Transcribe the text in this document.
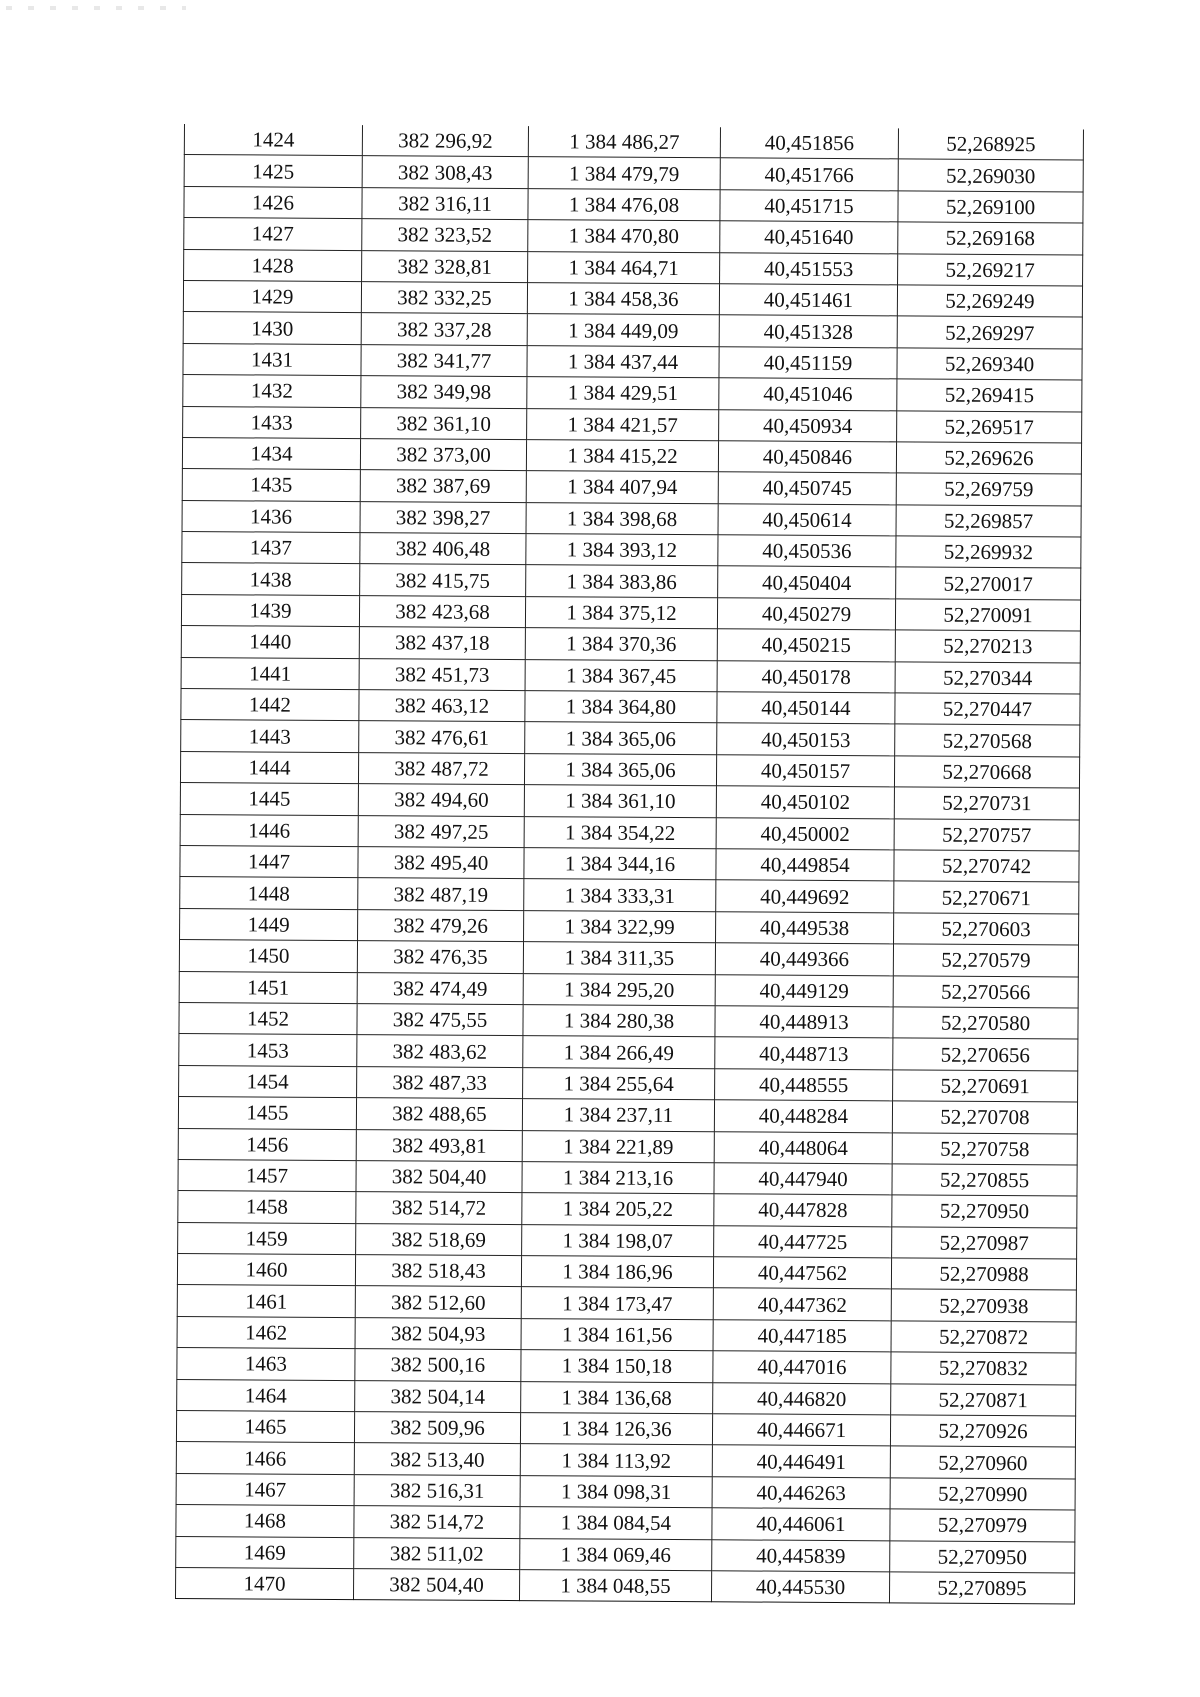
1424	382 296,92	1 384 486,27	40,451856	52,268925
1425	382 308,43	1 384 479,79	40,451766	52,269030
1426	382 316,11	1 384 476,08	40,451715	52,269100
1427	382 323,52	1 384 470,80	40,451640	52,269168
1428	382 328,81	1 384 464,71	40,451553	52,269217
1429	382 332,25	1 384 458,36	40,451461	52,269249
1430	382 337,28	1 384 449,09	40,451328	52,269297
1431	382 341,77	1 384 437,44	40,451159	52,269340
1432	382 349,98	1 384 429,51	40,451046	52,269415
1433	382 361,10	1 384 421,57	40,450934	52,269517
1434	382 373,00	1 384 415,22	40,450846	52,269626
1435	382 387,69	1 384 407,94	40,450745	52,269759
1436	382 398,27	1 384 398,68	40,450614	52,269857
1437	382 406,48	1 384 393,12	40,450536	52,269932
1438	382 415,75	1 384 383,86	40,450404	52,270017
1439	382 423,68	1 384 375,12	40,450279	52,270091
1440	382 437,18	1 384 370,36	40,450215	52,270213
1441	382 451,73	1 384 367,45	40,450178	52,270344
1442	382 463,12	1 384 364,80	40,450144	52,270447
1443	382 476,61	1 384 365,06	40,450153	52,270568
1444	382 487,72	1 384 365,06	40,450157	52,270668
1445	382 494,60	1 384 361,10	40,450102	52,270731
1446	382 497,25	1 384 354,22	40,450002	52,270757
1447	382 495,40	1 384 344,16	40,449854	52,270742
1448	382 487,19	1 384 333,31	40,449692	52,270671
1449	382 479,26	1 384 322,99	40,449538	52,270603
1450	382 476,35	1 384 311,35	40,449366	52,270579
1451	382 474,49	1 384 295,20	40,449129	52,270566
1452	382 475,55	1 384 280,38	40,448913	52,270580
1453	382 483,62	1 384 266,49	40,448713	52,270656
1454	382 487,33	1 384 255,64	40,448555	52,270691
1455	382 488,65	1 384 237,11	40,448284	52,270708
1456	382 493,81	1 384 221,89	40,448064	52,270758
1457	382 504,40	1 384 213,16	40,447940	52,270855
1458	382 514,72	1 384 205,22	40,447828	52,270950
1459	382 518,69	1 384 198,07	40,447725	52,270987
1460	382 518,43	1 384 186,96	40,447562	52,270988
1461	382 512,60	1 384 173,47	40,447362	52,270938
1462	382 504,93	1 384 161,56	40,447185	52,270872
1463	382 500,16	1 384 150,18	40,447016	52,270832
1464	382 504,14	1 384 136,68	40,446820	52,270871
1465	382 509,96	1 384 126,36	40,446671	52,270926
1466	382 513,40	1 384 113,92	40,446491	52,270960
1467	382 516,31	1 384 098,31	40,446263	52,270990
1468	382 514,72	1 384 084,54	40,446061	52,270979
1469	382 511,02	1 384 069,46	40,445839	52,270950
1470	382 504,40	1 384 048,55	40,445530	52,270895
